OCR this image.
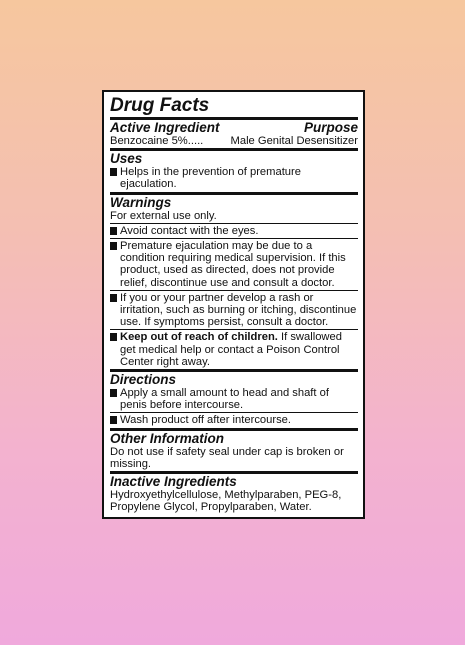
Drug Facts
Active Ingredient	Purpose
Benzocaine 5%..... Male Genital Desensitizer
Uses
Helps in the prevention of premature ejaculation.
Warnings
For external use only.
Avoid contact with the eyes.
Premature ejaculation may be due to a condition requiring medical supervision. If this product, used as directed, does not provide relief, discontinue use and consult a doctor.
If you or your partner develop a rash or irritation, such as burning or itching, discontinue use. If symptoms persist, consult a doctor.
Keep out of reach of children. If swallowed get medical help or contact a Poison Control Center right away.
Directions
Apply a small amount to head and shaft of penis before intercourse.
Wash product off after intercourse.
Other Information
Do not use if safety seal under cap is broken or missing.
Inactive Ingredients
Hydroxyethylcellulose, Methylparaben, PEG-8, Propylene Glycol, Propylparaben, Water.
